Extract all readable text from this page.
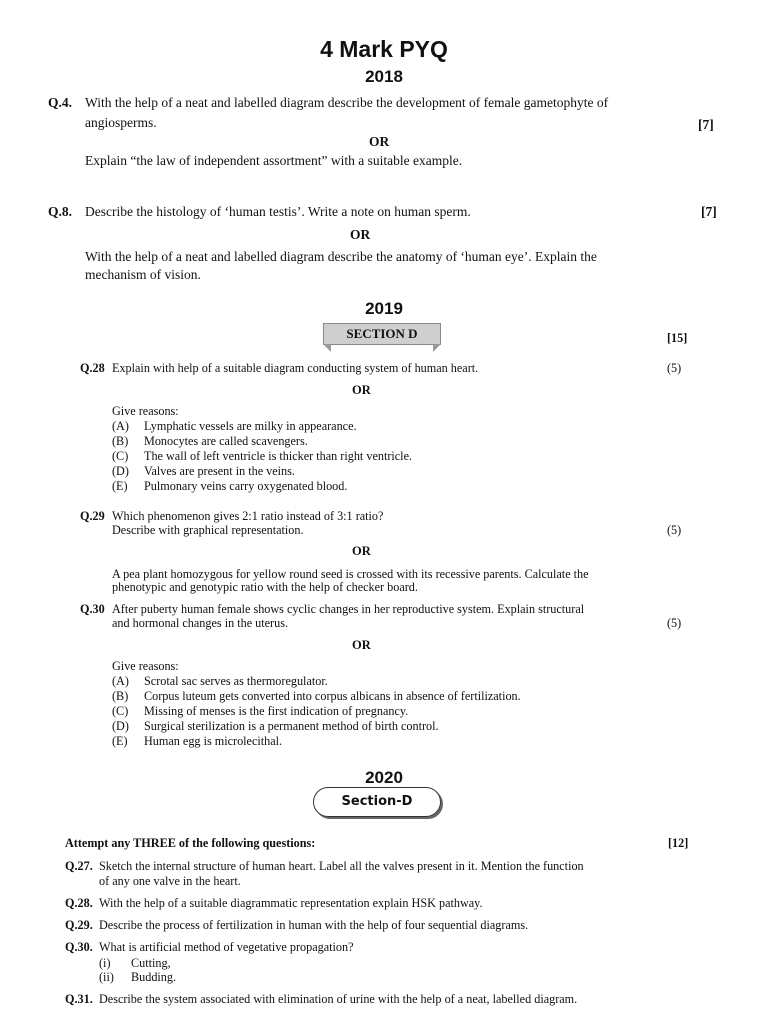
4 Mark PYQ
2018
Q.4. With the help of a neat and labelled diagram describe the development of female gametophyte of
angiosperms.	[7]
OR
Explain “the law of independent assortment” with a suitable example.
Q.8. Describe the histology of ‘human testis’. Write a note on human sperm.	[7]
OR
With the help of a neat and labelled diagram describe the anatomy of ‘human eye’. Explain the
mechanism of vision.
2019
SECTION D	[15]
Q.28 Explain with help of a suitable diagram conducting system of human heart.	(5)
OR
Give reasons:
(A) Lymphatic vessels are milky in appearance.
(B) Monocytes are called scavengers.
(C) The wall of left ventricle is thicker than right ventricle.
(D) Valves are present in the veins.
(E) Pulmonary veins carry oxygenated blood.
Q.29 Which phenomenon gives 2:1 ratio instead of 3:1 ratio?
Describe with graphical representation.	(5)
OR
A pea plant homozygous for yellow round seed is crossed with its recessive parents. Calculate the
phenotypic and genotypic ratio with the help of checker board.
Q.30 After puberty human female shows cyclic changes in her reproductive system. Explain structural
and hormonal changes in the uterus.	(5)
OR
Give reasons:
(A) Scrotal sac serves as thermoregulator.
(B) Corpus luteum gets converted into corpus albicans in absence of fertilization.
(C) Missing of menses is the first indication of pregnancy.
(D) Surgical sterilization is a permanent method of birth control.
(E) Human egg is microlecithal.
2020
Section-D
Attempt any THREE of the following questions:	[12]
Q.27. Sketch the internal structure of human heart. Label all the valves present in it. Mention the function
of any one valve in the heart.
Q.28. With the help of a suitable diagrammatic representation explain HSK pathway.
Q.29. Describe the process of fertilization in human with the help of four sequential diagrams.
Q.30. What is artificial method of vegetative propagation?
(i) Cutting,
(ii) Budding.
Q.31. Describe the system associated with elimination of urine with the help of a neat, labelled diagram.
